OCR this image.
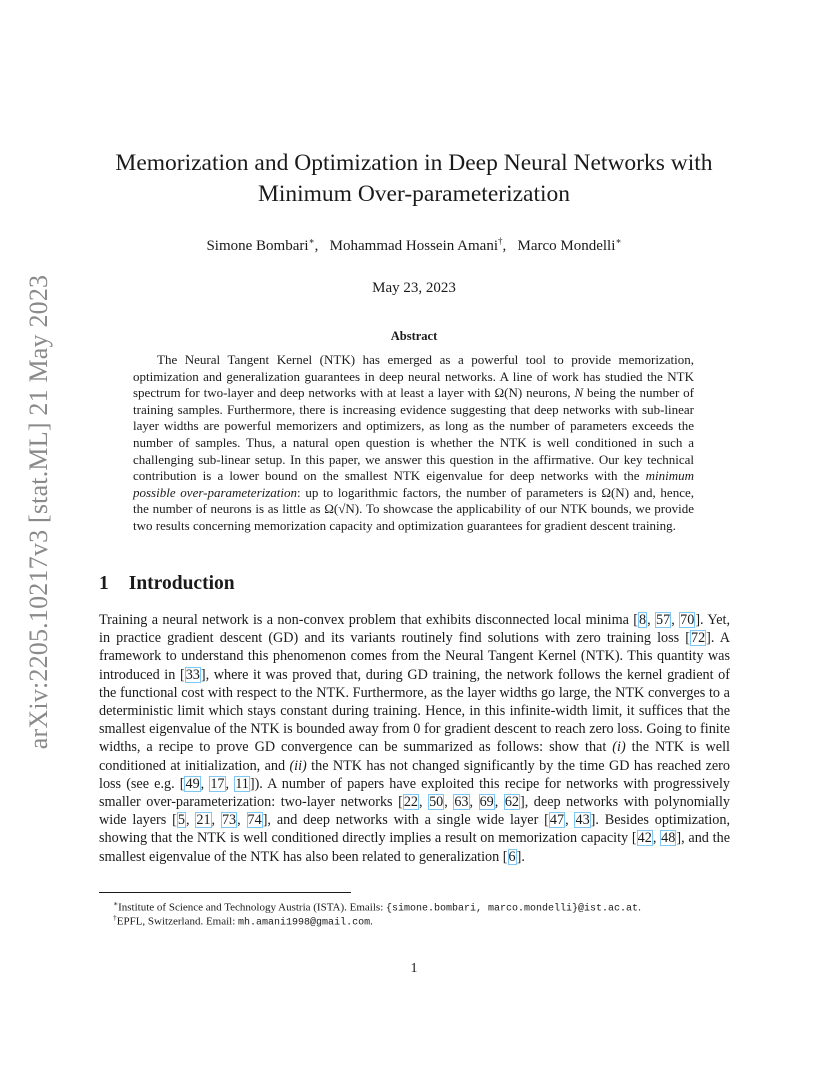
arXiv:2205.10217v3 [stat.ML] 21 May 2023
Memorization and Optimization in Deep Neural Networks with
Minimum Over-parameterization
Simone Bombari∗,   Mohammad Hossein Amani†,   Marco Mondelli∗
May 23, 2023
Abstract

The Neural Tangent Kernel (NTK) has emerged as a powerful tool to provide memorization, optimization and generalization guarantees in deep neural networks. A line of work has studied the NTK spectrum for two-layer and deep networks with at least a layer with Ω(N) neurons, N being the number of training samples. Furthermore, there is increasing evidence suggesting that deep networks with sub-linear layer widths are powerful memorizers and optimizers, as long as the number of parameters exceeds the number of samples. Thus, a natural open question is whether the NTK is well conditioned in such a challenging sub-linear setup. In this paper, we answer this question in the affirmative. Our key technical contribution is a lower bound on the smallest NTK eigenvalue for deep networks with the minimum possible over-parameterization: up to logarithmic factors, the number of parameters is Ω(N) and, hence, the number of neurons is as little as Ω(√N). To showcase the applicability of our NTK bounds, we provide two results concerning memorization capacity and optimization guarantees for gradient descent training.

1 Introduction

Training a neural network is a non-convex problem that exhibits disconnected local minima [8, 57, 70]. Yet, in practice gradient descent (GD) and its variants routinely find solutions with zero training loss [72]. A framework to understand this phenomenon comes from the Neural Tangent Kernel (NTK). This quantity was introduced in [33], where it was proved that, during GD training, the network follows the kernel gradient of the functional cost with respect to the NTK. Furthermore, as the layer widths go large, the NTK converges to a deterministic limit which stays constant during training. Hence, in this infinite-width limit, it suffices that the smallest eigenvalue of the NTK is bounded away from 0 for gradient descent to reach zero loss. Going to finite widths, a recipe to prove GD convergence can be summarized as follows: show that (i) the NTK is well conditioned at initialization, and (ii) the NTK has not changed significantly by the time GD has reached zero loss (see e.g. [49, 17, 11]). A number of papers have exploited this recipe for networks with progressively smaller over-parameterization: two-layer networks [22, 50, 63, 69, 62], deep networks with polynomially wide layers [5, 21, 73, 74], and deep networks with a single wide layer [47, 43]. Besides optimization, showing that the NTK is well conditioned directly implies a result on memorization capacity [42, 48], and the smallest eigenvalue of the NTK has also been related to generalization [6].

∗Institute of Science and Technology Austria (ISTA). Emails: {simone.bombari, marco.mondelli}@ist.ac.at.
†EPFL, Switzerland. Email: mh.amani1998@gmail.com.
1
